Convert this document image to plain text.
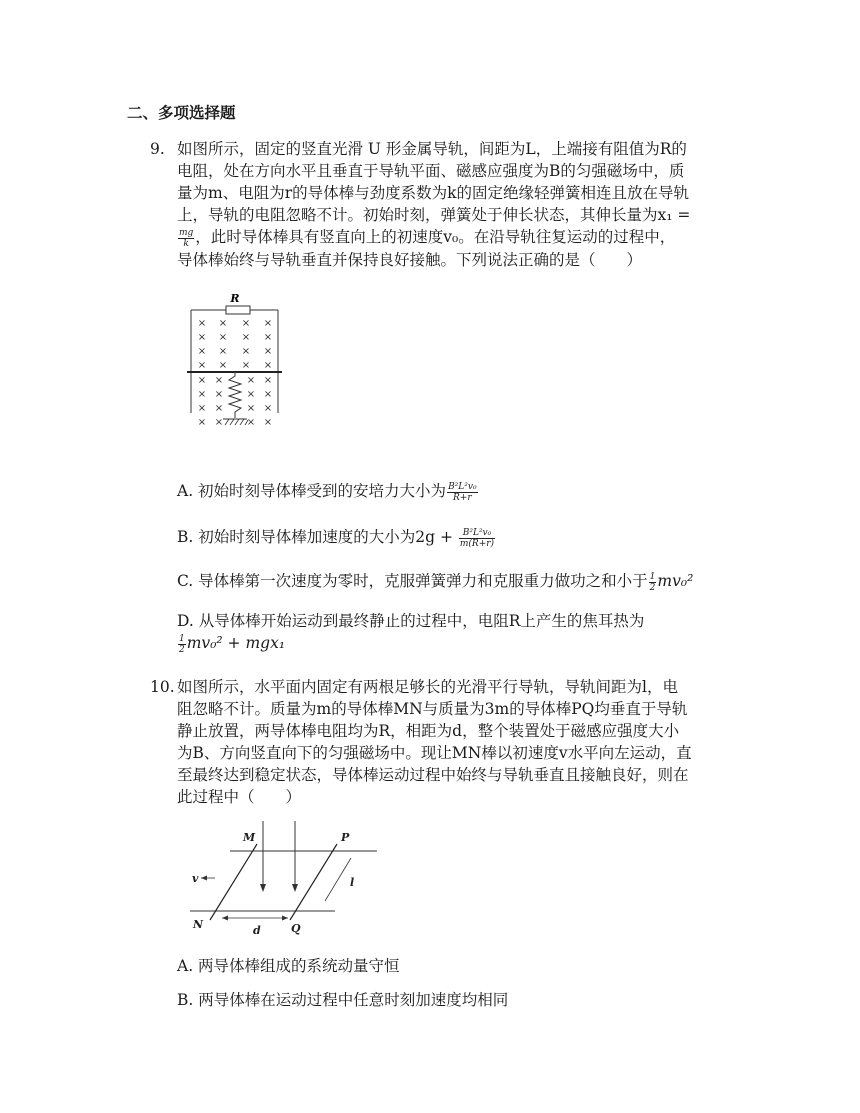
二、多项选择题
9. 如图所示，固定的竖直光滑 U 形金属导轨，间距为L，上端接有阻值为R的
电阻，处在方向水平且垂直于导轨平面、磁感应强度为B的匀强磁场中，质
量为m、电阻为r的导体棒与劲度系数为k的固定绝缘轻弹簧相连且放在导轨
上，导轨的电阻忽略不计。初始时刻，弹簧处于伸长状态，其伸长量为x₁ =
$\frac{mg}{k}$ ，此时导体棒具有竖直向上的初速度v₀。在沿导轨往复运动的过程中，
导体棒始终与导轨垂直并保持良好接触。下列说法正确的是（　　）
R
× × × ×
× × × ×
× × × ×
× × × ×
× × × ×
× × × ×
× × × ×
× × × ×
A. 初始时刻导体棒受到的安培力大小为 $\frac{\text{B²L²v₀}}{R+r}$
B. 初始时刻导体棒加速度的大小为$2g + \frac{\text{B²L²v₀}}{m(R+r)}$
C. 导体棒第一次速度为零时，克服弹簧弹力和克服重力做功之和小于 $\frac{1}{2} mv_0^2$
D. 从导体棒开始运动到最终静止的过程中，电阻R上产生的焦耳热为
$\frac{1}{2} mv_0^2 + mgx_1$
10. 如图所示，水平面内固定有两根足够长的光滑平行导轨，导轨间距为l，电
阻忽略不计。质量为m的导体棒MN与质量为3m的导体棒PQ均垂直于导轨
静止放置，两导体棒电阻均为R，相距为d，整个装置处于磁感应强度大小
为B、方向竖直向下的匀强磁场中。现让MN棒以初速度v水平向左运动，直
至最终达到稳定状态，导体棒运动过程中始终与导轨垂直且接触良好，则在
此过程中（　　）
M
N
P
Q
v
d
l
A. 两导体棒组成的系统动量守恒
B. 两导体棒在运动过程中任意时刻加速度均相同
